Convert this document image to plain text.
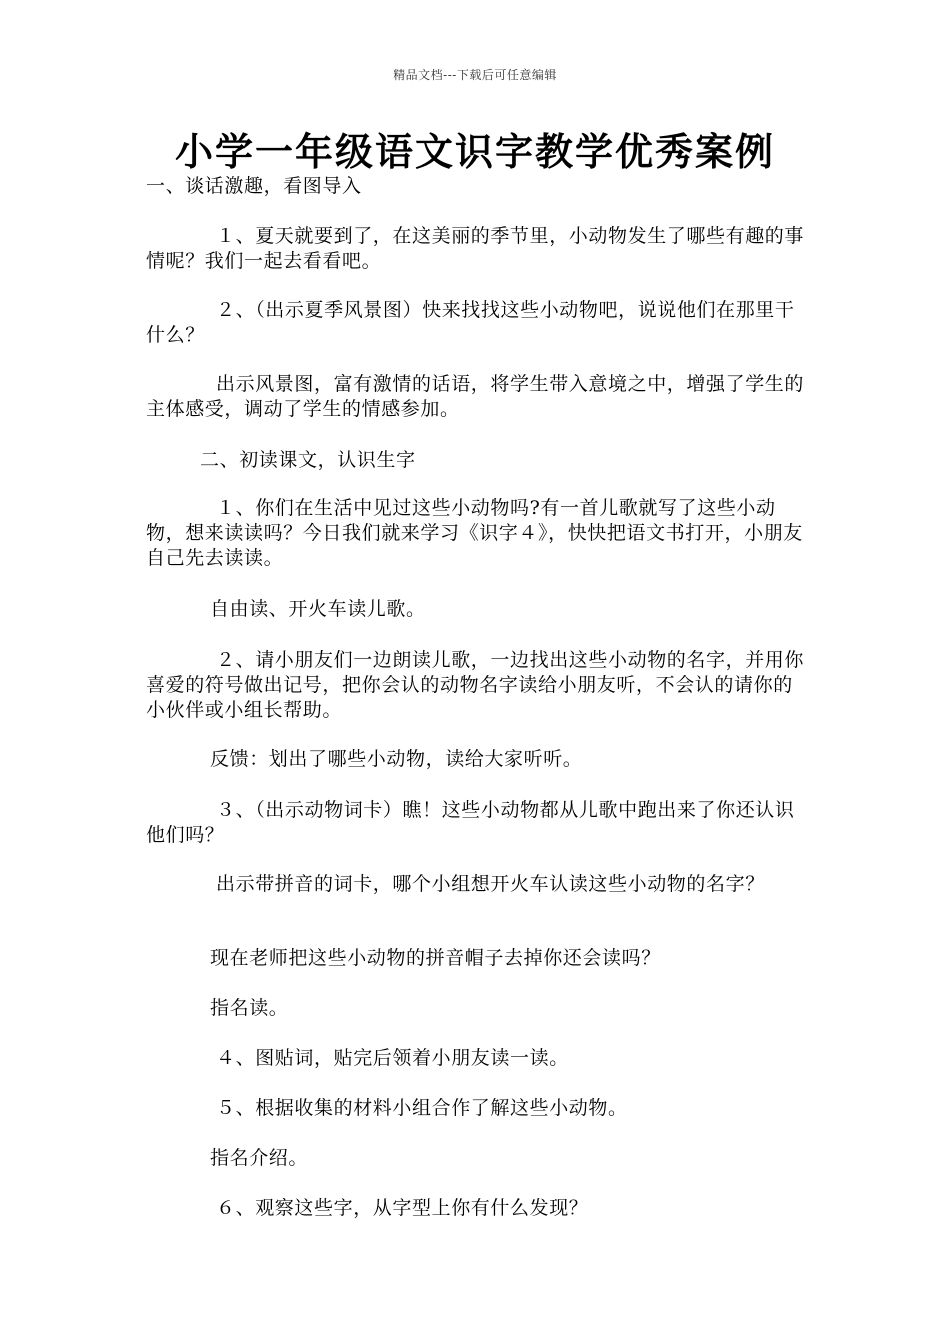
精品文档---下载后可任意编辑
小学一年级语文识字教学优秀案例

一、谈话激趣，看图导入

１、夏天就要到了，在这美丽的季节里，小动物发生了哪些有趣的事情呢？我们一起去看看吧。

２、（出示夏季风景图）快来找找这些小动物吧，说说他们在那里干什么？

出示风景图，富有激情的话语，将学生带入意境之中，增强了学生的主体感受，调动了学生的情感参加。

二、初读课文，认识生字

１、你们在生活中见过这些小动物吗?有一首儿歌就写了这些小动物，想来读读吗？今日我们就来学习《识字４》，快快把语文书打开，小朋友自己先去读读。

自由读、开火车读儿歌。

２、请小朋友们一边朗读儿歌，一边找出这些小动物的名字，并用你喜爱的符号做出记号，把你会认的动物名字读给小朋友听，不会认的请你的小伙伴或小组长帮助。

反馈：划出了哪些小动物，读给大家听听。

３、（出示动物词卡）瞧！这些小动物都从儿歌中跑出来了你还认识他们吗？

出示带拼音的词卡，哪个小组想开火车认读这些小动物的名字？

现在老师把这些小动物的拼音帽子去掉你还会读吗？

指名读。

４、图贴词，贴完后领着小朋友读一读。

５、根据收集的材料小组合作了解这些小动物。

指名介绍。

６、观察这些字，从字型上你有什么发现？
